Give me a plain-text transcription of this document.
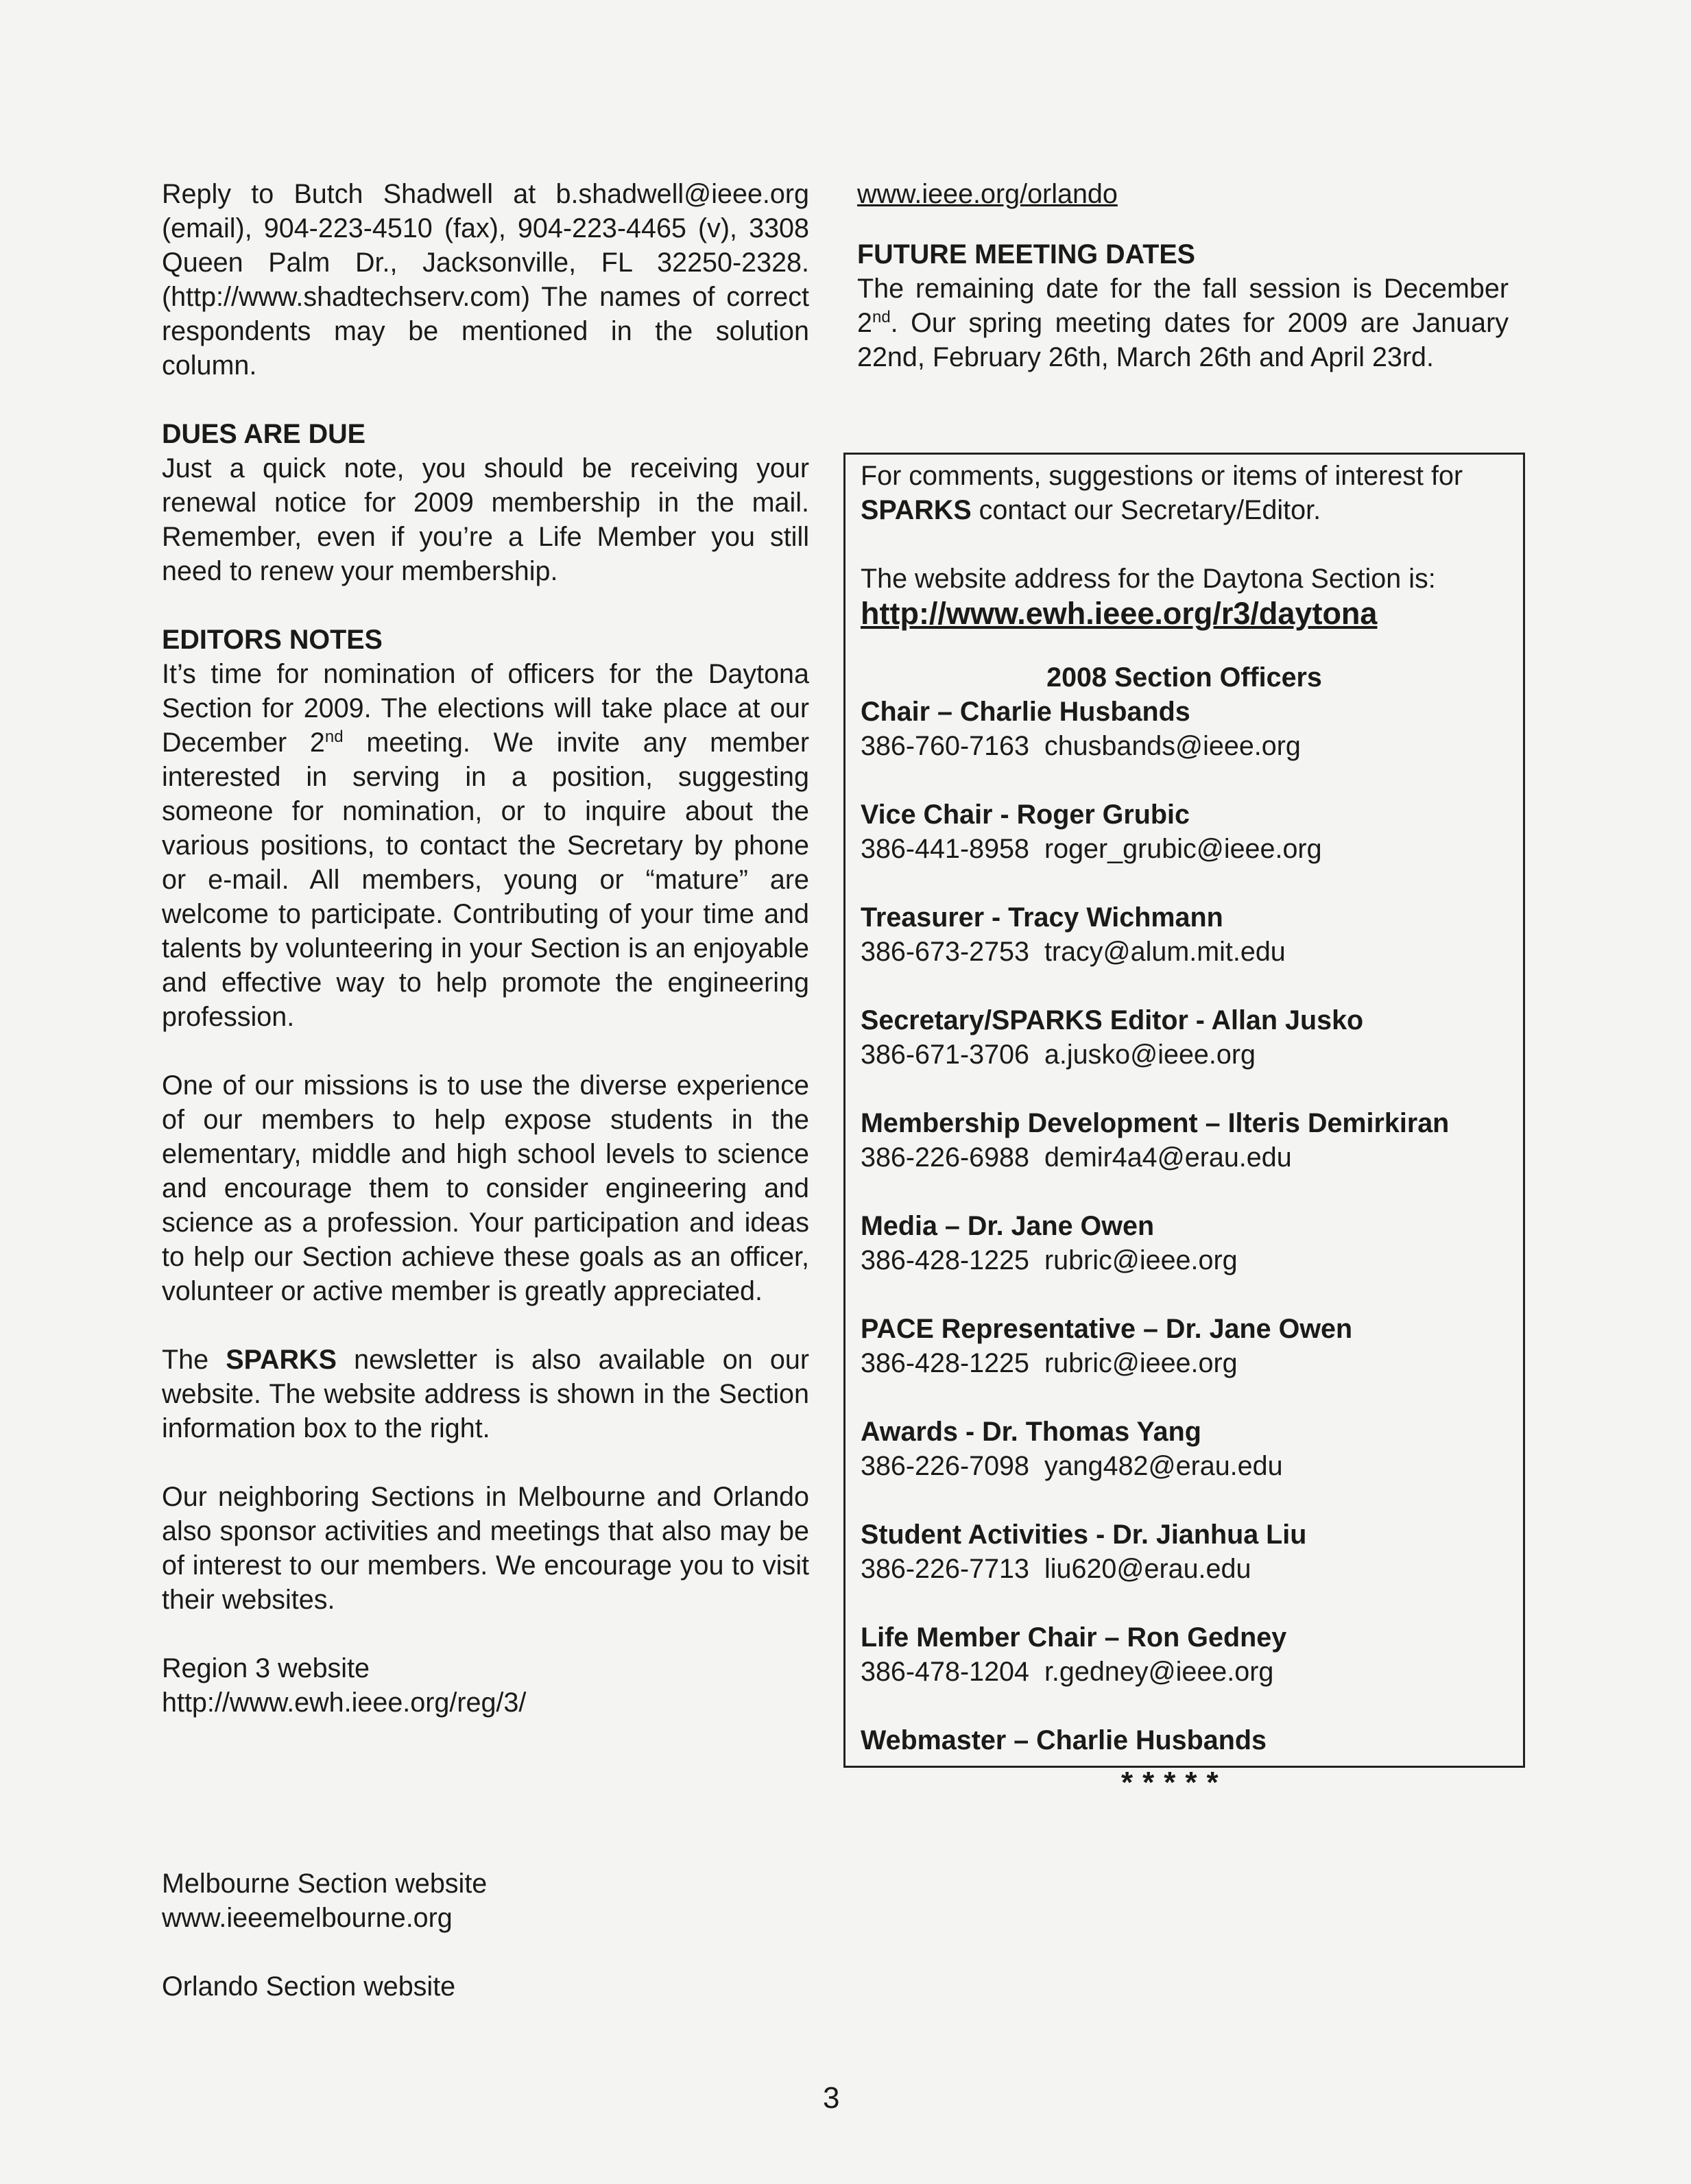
Reply to Butch Shadwell at b.shadwell@ieee.org (email), 904-223-4510 (fax), 904-223-4465 (v), 3308 Queen Palm Dr., Jacksonville, FL 32250-2328. (http://www.shadtechserv.com) The names of correct respondents may be mentioned in the solution column.

DUES ARE DUE

Just a quick note, you should be receiving your renewal notice for 2009 membership in the mail. Remember, even if you’re a Life Member you still need to renew your membership.

EDITORS NOTES

It’s time for nomination of officers for the Daytona Section for 2009. The elections will take place at our December 2nd meeting. We invite any member interested in serving in a position, suggesting someone for nomination, or to inquire about the various positions, to contact the Secretary by phone or e-mail. All members, young or “mature” are welcome to participate. Contributing of your time and talents by volunteering in your Section is an enjoyable and effective way to help promote the engineering profession.

One of our missions is to use the diverse experience of our members to help expose students in the elementary, middle and high school levels to science and encourage them to consider engineering and science as a profession. Your participation and ideas to help our Section achieve these goals as an officer, volunteer or active member is greatly appreciated.

The SPARKS newsletter is also available on our website. The website address is shown in the Section information box to the right.

Our neighboring Sections in Melbourne and Orlando also sponsor activities and meetings that also may be of interest to our members. We encourage you to visit their websites.

Region 3 website

http://www.ewh.ieee.org/reg/3/

Melbourne Section website

www.ieeemelbourne.org

Orlando Section website

www.ieee.org/orlando

FUTURE MEETING DATES

The remaining date for the fall session is December 2nd. Our spring meeting dates for 2009 are January 22nd, February 26th, March 26th and April 23rd.

For comments, suggestions or items of interest for SPARKS contact our Secretary/Editor.

The website address for the Daytona Section is:

http://www.ewh.ieee.org/r3/daytona

2008 Section Officers

Chair – Charlie Husbands

386-760-7163 chusbands@ieee.org

Vice Chair - Roger Grubic

386-441-8958 roger_grubic@ieee.org

Treasurer - Tracy Wichmann

386-673-2753 tracy@alum.mit.edu

Secretary/SPARKS Editor - Allan Jusko

386-671-3706 a.jusko@ieee.org

Membership Development – Ilteris Demirkiran

386-226-6988 demir4a4@erau.edu

Media – Dr. Jane Owen

386-428-1225 rubric@ieee.org

PACE Representative – Dr. Jane Owen

386-428-1225 rubric@ieee.org

Awards - Dr. Thomas Yang

386-226-7098 yang482@erau.edu

Student Activities - Dr. Jianhua Liu

386-226-7713 liu620@erau.edu

Life Member Chair – Ron Gedney

386-478-1204 r.gedney@ieee.org

Webmaster – Charlie Husbands

*****
3
